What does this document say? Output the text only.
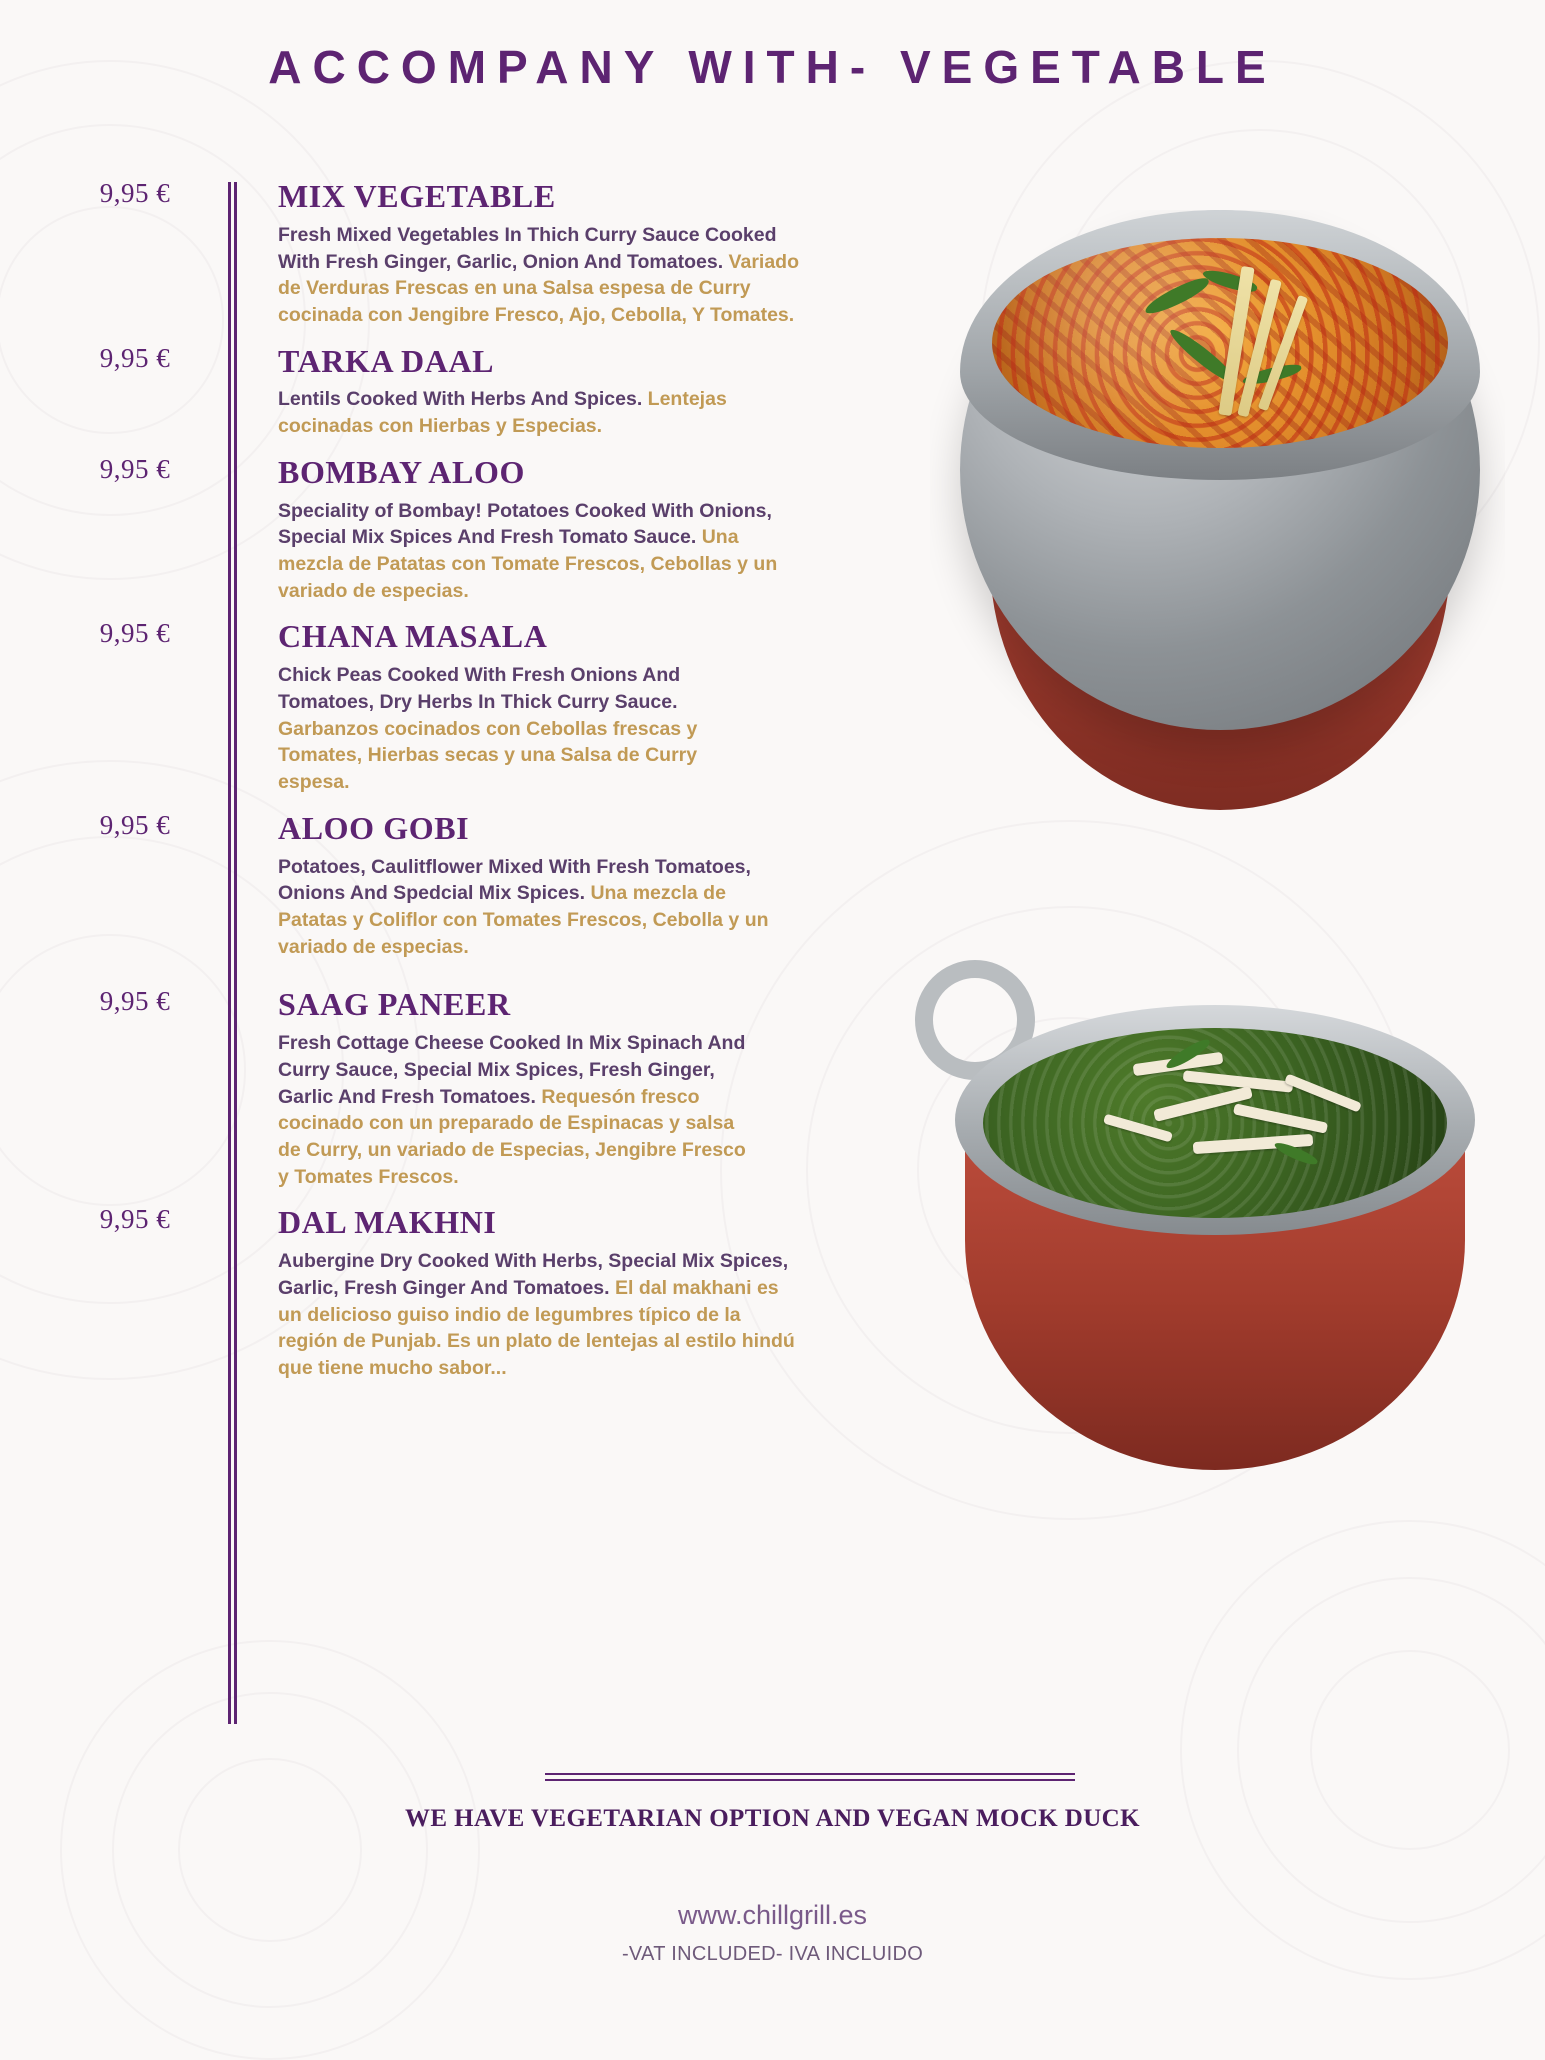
ACCOMPANY WITH- VEGETABLE
9,95 €	MIX VEGETABLE
Fresh Mixed Vegetables In Thich Curry Sauce Cooked With Fresh Ginger, Garlic, Onion And Tomatoes. Variado de Verduras Frescas en una Salsa espesa de Curry cocinada con Jengibre Fresco, Ajo, Cebolla, Y Tomates.
9,95 €	TARKA DAAL
Lentils Cooked With Herbs And Spices. Lentejas cocinadas con Hierbas y Especias.
9,95 €	BOMBAY ALOO
Speciality of Bombay! Potatoes Cooked With Onions, Special Mix Spices And Fresh Tomato Sauce. Una mezcla de Patatas con Tomate Frescos, Cebollas y un variado de especias.
9,95 €	CHANA MASALA
Chick Peas Cooked With Fresh Onions And Tomatoes, Dry Herbs In Thick Curry Sauce. Garbanzos cocinados con Cebollas frescas y Tomates, Hierbas secas y una Salsa de Curry espesa.
9,95 €	ALOO GOBI
Potatoes, Caulitflower Mixed With Fresh Tomatoes, Onions And Spedcial Mix Spices. Una mezcla de Patatas y Coliflor con Tomates Frescos, Cebolla y un variado de especias.
9,95 €	SAAG PANEER
Fresh Cottage Cheese Cooked In Mix Spinach And Curry Sauce, Special Mix Spices, Fresh Ginger, Garlic And Fresh Tomatoes. Requesón fresco cocinado con un preparado de Espinacas y salsa de Curry, un variado de Especias, Jengibre Fresco y Tomates Frescos.
9,95 €	DAL MAKHNI
Aubergine Dry Cooked With Herbs, Special Mix Spices, Garlic, Fresh Ginger And Tomatoes. El dal makhani es un delicioso guiso indio de legumbres típico de la región de Punjab. Es un plato de lentejas al estilo hindú que tiene mucho sabor...
WE HAVE VEGETARIAN OPTION AND VEGAN MOCK DUCK
www.chillgrill.es
-VAT INCLUDED- IVA INCLUIDO
